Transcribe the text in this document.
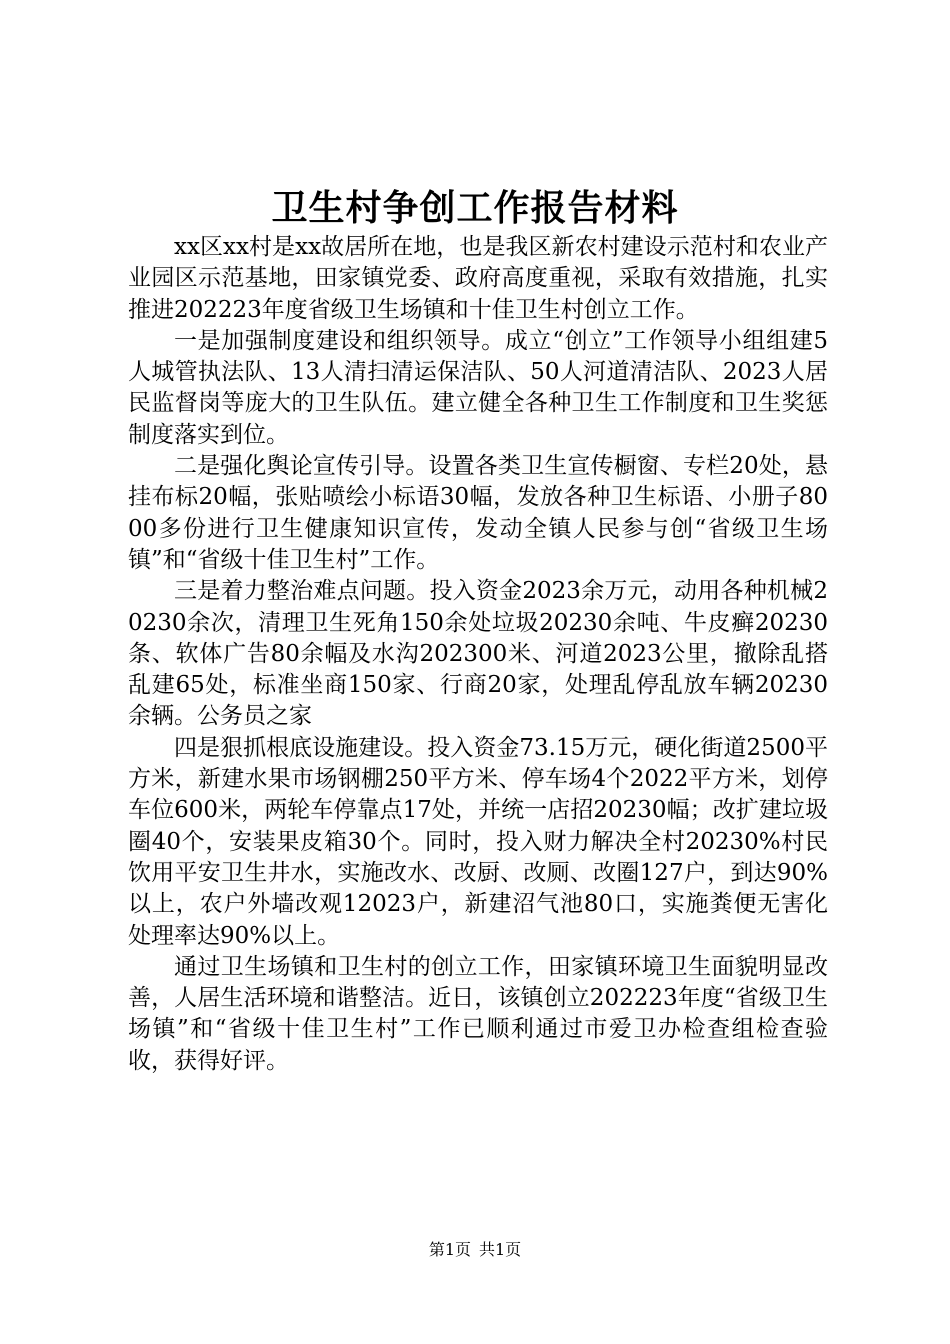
卫生村争创工作报告材料

xx区xx村是xx故居所在地，也是我区新农村建设示范村和农业产业园区示范基地，田家镇党委、政府高度重视，采取有效措施，扎实推进202223年度省级卫生场镇和十佳卫生村创立工作。

一是加强制度建设和组织领导。成立“创立”工作领导小组组建5人城管执法队、13人清扫清运保洁队、50人河道清洁队、2023人居民监督岗等庞大的卫生队伍。建立健全各种卫生工作制度和卫生奖惩制度落实到位。

二是强化舆论宣传引导。设置各类卫生宣传橱窗、专栏20处，悬挂布标20幅，张贴喷绘小标语30幅，发放各种卫生标语、小册子8000多份进行卫生健康知识宣传，发动全镇人民参与创“省级卫生场镇”和“省级十佳卫生村”工作。

三是着力整治难点问题。投入资金2023余万元，动用各种机械20230余次，清理卫生死角150余处垃圾20230余吨、牛皮癣20230条、软体广告80余幅及水沟202300米、河道2023公里，撤除乱搭乱建65处，标准坐商150家、行商20家，处理乱停乱放车辆20230余辆。公务员之家

四是狠抓根底设施建设。投入资金73.15万元，硬化街道2500平方米，新建水果市场钢棚250平方米、停车场4个2022平方米，划停车位600米，两轮车停靠点17处，并统一店招20230幅；改扩建垃圾圈40个，安装果皮箱30个。同时，投入财力解决全村20230%村民饮用平安卫生井水，实施改水、改厨、改厕、改圈127户，到达90%以上，农户外墙改观12023户，新建沼气池80口，实施粪便无害化处理率达90%以上。

通过卫生场镇和卫生村的创立工作，田家镇环境卫生面貌明显改善，人居生活环境和谐整洁。近日，该镇创立202223年度“省级卫生场镇”和“省级十佳卫生村”工作已顺利通过市爱卫办检查组检查验收，获得好评。

第1页 共1页
